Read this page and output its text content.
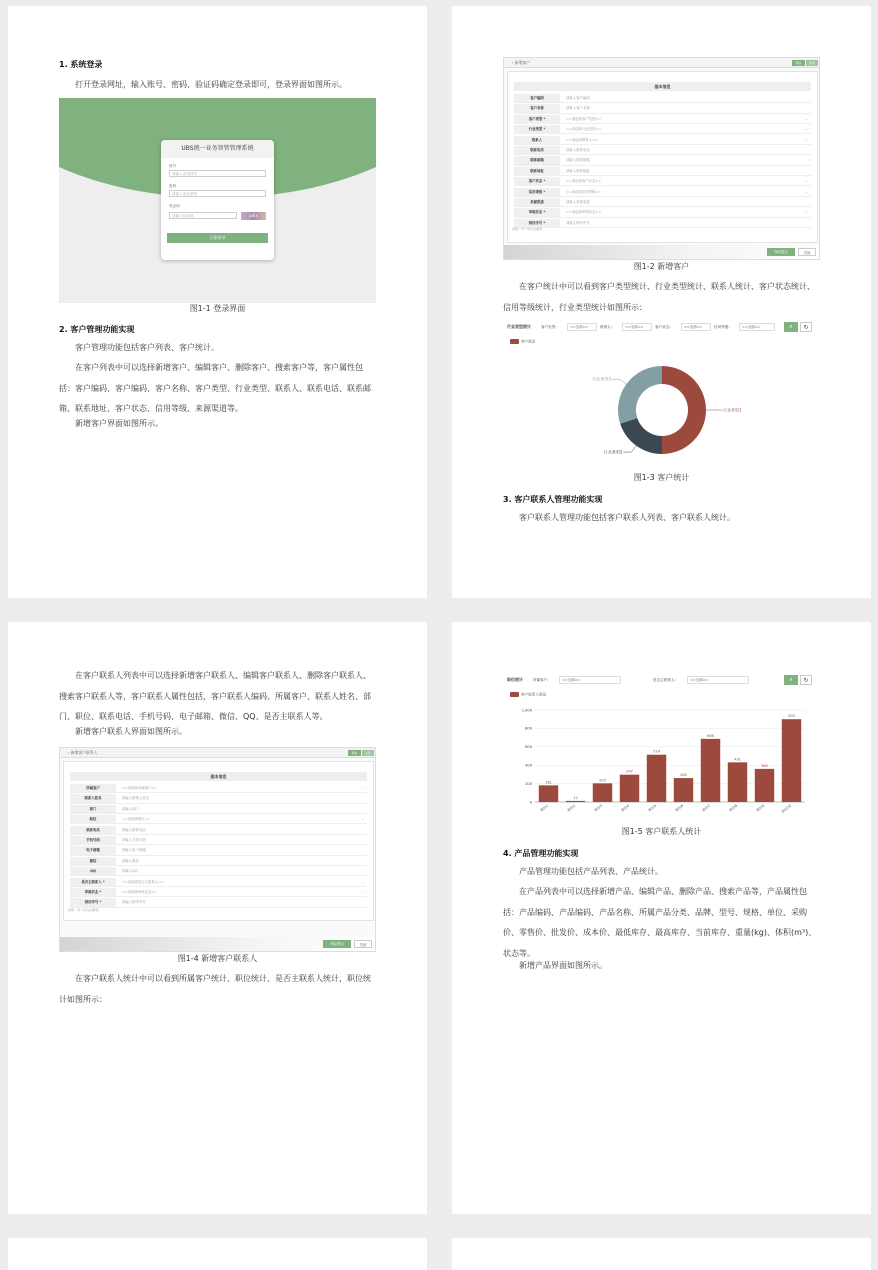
1. 系统登录
打开登录网址，输入账号、密码、验证码确定登录即可，登录界面如图所示。
UBS统一业务智管管理系统
账号
请输入登录账号
密码
请输入登录密码
验证码
请输入验证码	pdix
立即登录
图1-1 登录界面
2. 客户管理功能实现
客户管理功能包括客户列表、客户统计。
在客户列表中可以选择新增客户、编辑客户、删除客户、搜索客户等，客户属性包括：客户编码、客户编码、客户名称、客户类型、行业类型、联系人、联系电话、联系邮箱、联系地址、客户状态、信用等级、来源渠道等。
新增客户界面如图所示。
‹ 新增客户	保存	关闭
基本信息
客户编码	请输入客户编码
客户名称	请输入客户名称
客户类型 *	==请选择客户类型==	⌄
行业类型 *	==请选择行业类型==	⌄
联系人	==请选择联系人==	⌄
联系电话	请输入联系电话
联系邮箱	请输入联系邮箱
联系地址	请输入联系地址
客户状态 *	==请选择客户状态==	⌄
信用等级 *	==请选择信用等级==	⌄
来源渠道	请输入来源渠道
审核状态 *	==请选择审核状态==	⌄
排序序号 *	请输入排序序号
说明：带 * 的为必填项
保存提交	关闭
图1-2 新增客户
在客户统计中可以看到客户类型统计、行业类型统计、联系人统计、客户状态统计、信用等级统计，行业类型统计如图所示：
行业类型统计	客户类型:	==全部==	联系人:	==全部==	客户状态:	==全部==	信用等级:	==全部==	⌕	↻
客户数量
行业类型1
行业类型2
行业类型3
图1-3 客户统计
3. 客户联系人管理功能实现
客户联系人管理功能包括客户联系人列表、客户联系人统计。
在客户联系人列表中可以选择新增客户联系人、编辑客户联系人、删除客户联系人、搜索客户联系人等，客户联系人属性包括，客户联系人编码、所属客户、联系人姓名、部门、职位、联系电话、手机号码、电子邮箱、微信、QQ、是否主联系人等。
新增客户联系人界面如图所示。
‹ 新增客户联系人	保存	关闭
基本信息
所属客户	==请选择所属客户==	⌄
联系人姓名	请输入联系人姓名
部门	请输入部门
职位	==请选择职位==	⌄
联系电话	请输入联系电话
手机号码	请输入手机号码
电子邮箱	请输入电子邮箱
微信	请输入微信
QQ	请输入QQ
是否主联系人 *	==请选择是否主联系人==	⌄
审核状态 *	==请选择审核状态==	⌄
排序序号 *	请输入排序序号
说明：带 * 的为必填项
保存提交	关闭
图1-4 新增客户联系人
在客户联系人统计中可以看到所属客户统计、职位统计、是否主联系人统计，职位统计如图所示：
职位统计	所属客户:	==全部==	是否主联系人:	==全部==	⌕	↻
客户联系人数量
0
200
400
600
800
1,000
181
职位1
12
职位2
203
职位3
297
职位4
514
职位5
260
职位6
686
职位7
431
职位8
360
职位9
900
职位10
图1-5 客户联系人统计
4. 产品管理功能实现
产品管理功能包括产品列表、产品统计。
在产品列表中可以选择新增产品、编辑产品、删除产品、搜索产品等，产品属性包括：产品编码、产品编码、产品名称、所属产品分类、品牌、型号、规格、单位、采购价、零售价、批发价、成本价、最低库存、最高库存、当前库存、重量(kg)、体积(m³)、状态等。
新增产品界面如图所示。
